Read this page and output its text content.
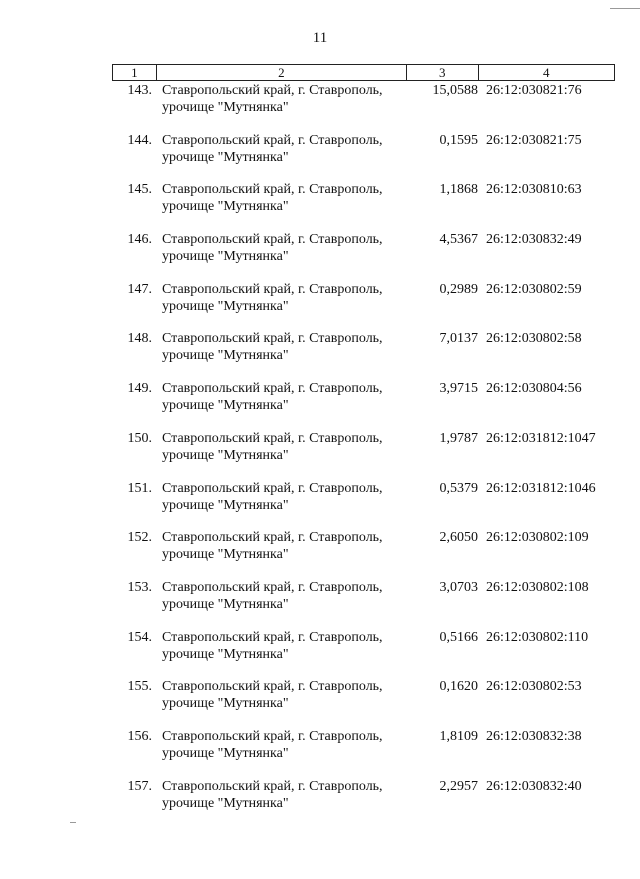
11
1	2	3	4
143. Ставропольский край, г. Ставрополь,
урочище "Мутнянка"
15,0588 26:12:030821:76
144. Ставропольский край, г. Ставрополь,
урочище "Мутнянка"
0,1595 26:12:030821:75
145. Ставропольский край, г. Ставрополь,
урочище "Мутнянка"
1,1868 26:12:030810:63
146. Ставропольский край, г. Ставрополь,
урочище "Мутнянка"
4,5367 26:12:030832:49
147. Ставропольский край, г. Ставрополь,
урочище "Мутнянка"
0,2989 26:12:030802:59
148. Ставропольский край, г. Ставрополь,
урочище "Мутнянка"
7,0137 26:12:030802:58
149. Ставропольский край, г. Ставрополь,
урочище "Мутнянка"
3,9715 26:12:030804:56
150. Ставропольский край, г. Ставрополь,
урочище "Мутнянка"
1,9787 26:12:031812:1047
151. Ставропольский край, г. Ставрополь,
урочище "Мутнянка"
0,5379 26:12:031812:1046
152. Ставропольский край, г. Ставрополь,
урочище "Мутнянка"
2,6050 26:12:030802:109
153. Ставропольский край, г. Ставрополь,
урочище "Мутнянка"
3,0703 26:12:030802:108
154. Ставропольский край, г. Ставрополь,
урочище "Мутнянка"
0,5166 26:12:030802:110
155. Ставропольский край, г. Ставрополь,
урочище "Мутнянка"
0,1620 26:12:030802:53
156. Ставропольский край, г. Ставрополь,
урочище "Мутнянка"
1,8109 26:12:030832:38
157. Ставропольский край, г. Ставрополь,
урочище "Мутнянка"
2,2957 26:12:030832:40
